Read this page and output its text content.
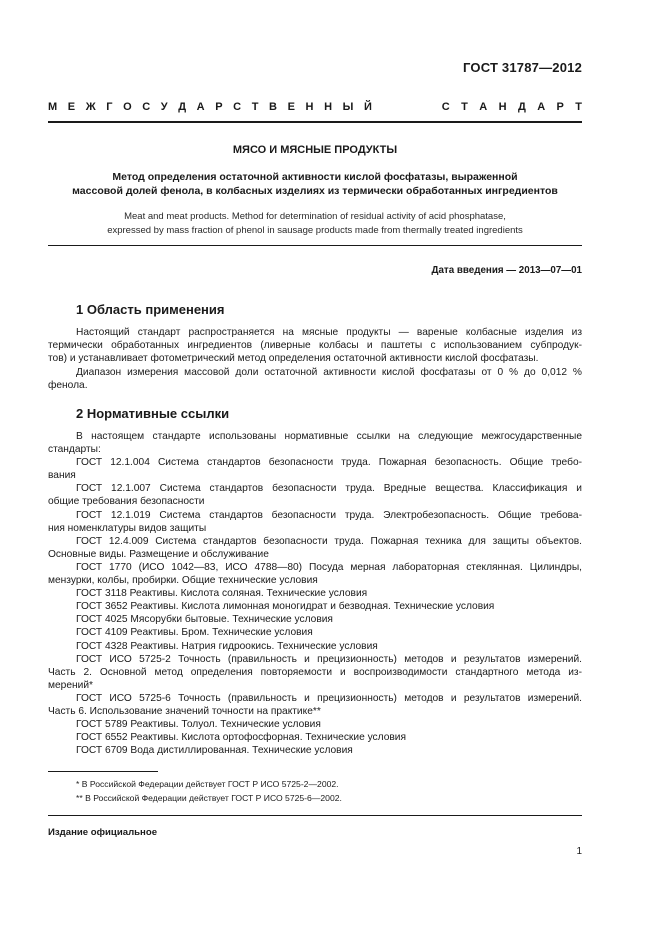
ГОСТ 31787—2012
М Е Ж Г О С У Д А Р С Т В Е Н Н Ы Й	С Т А Н Д А Р Т
МЯСО И МЯСНЫЕ ПРОДУКТЫ
Метод определения остаточной активности кислой фосфатазы, выраженной
массовой долей фенола, в колбасных изделиях из термически обработанных ингредиентов
Meat and meat products. Method for determination of residual activity of acid phosphatase,
expressed by mass fraction of phenol in sausage products made from thermally treated ingredients
Дата введения — 2013—07—01
1 Область применения
Настоящий стандарт распространяется на мясные продукты — вареные колбасные изделия из
термически обработанных ингредиентов (ливерные колбасы и паштеты с использованием субпродук-
тов) и устанавливает фотометрический метод определения остаточной активности кислой фосфатазы.
Диапазон измерения массовой доли остаточной активности кислой фосфатазы от 0 % до 0,012 %
фенола.
2 Нормативные ссылки
В настоящем стандарте использованы нормативные ссылки на следующие межгосударственные
стандарты:
ГОСТ 12.1.004 Система стандартов безопасности труда. Пожарная безопасность. Общие требо-
вания
ГОСТ 12.1.007 Система стандартов безопасности труда. Вредные вещества. Классификация и
общие требования безопасности
ГОСТ 12.1.019 Система стандартов безопасности труда. Электробезопасность. Общие требова-
ния номенклатуры видов защиты
ГОСТ 12.4.009 Система стандартов безопасности труда. Пожарная техника для защиты объектов.
Основные виды. Размещение и обслуживание
ГОСТ 1770 (ИСО 1042—83, ИСО 4788—80) Посуда мерная лабораторная стеклянная. Цилиндры,
мензурки, колбы, пробирки. Общие технические условия
ГОСТ 3118 Реактивы. Кислота соляная. Технические условия
ГОСТ 3652 Реактивы. Кислота лимонная моногидрат и безводная. Технические условия
ГОСТ 4025 Мясорубки бытовые. Технические условия
ГОСТ 4109 Реактивы. Бром. Технические условия
ГОСТ 4328 Реактивы. Натрия гидроокись. Технические условия
ГОСТ ИСО 5725-2 Точность (правильность и прецизионность) методов и результатов измерений.
Часть 2. Основной метод определения повторяемости и воспроизводимости стандартного метода из-
мерений*
ГОСТ ИСО 5725-6 Точность (правильность и прецизионность) методов и результатов измерений.
Часть 6. Использование значений точности на практике**
ГОСТ 5789 Реактивы. Толуол. Технические условия
ГОСТ 6552 Реактивы. Кислота ортофосфорная. Технические условия
ГОСТ 6709 Вода дистиллированная. Технические условия
* В Российской Федерации действует ГОСТ Р ИСО 5725-2—2002.
** В Российской Федерации действует ГОСТ Р ИСО 5725-6—2002.
Издание официальное
1
